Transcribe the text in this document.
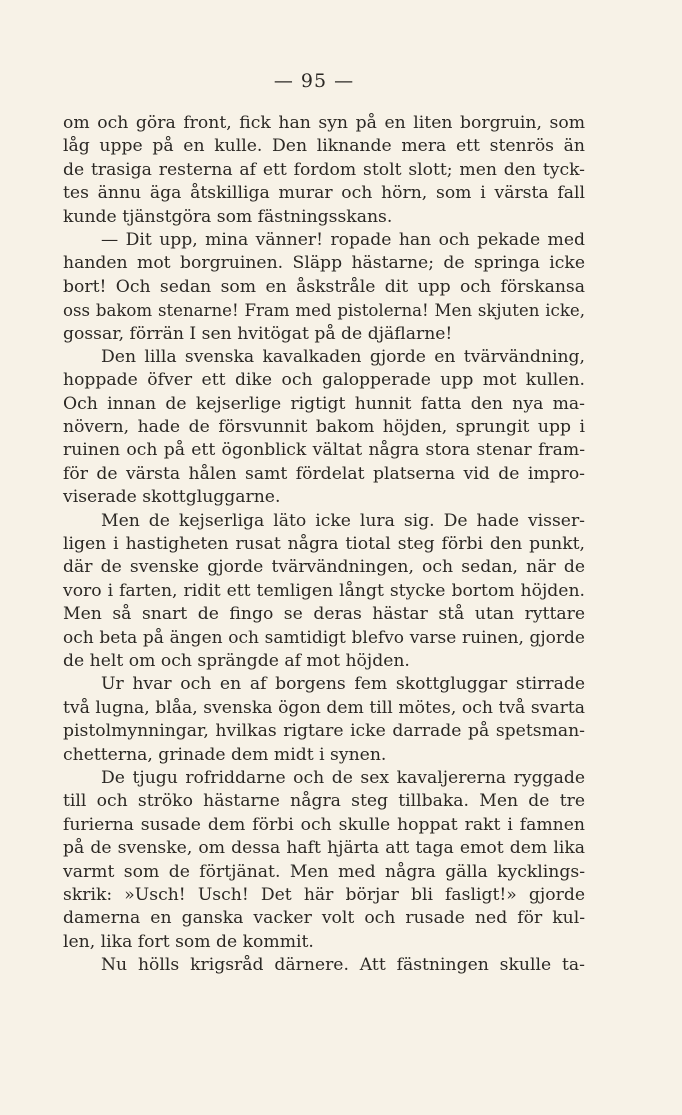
— 95 —
om och göra front, fick han syn på en liten borgruin, som
låg uppe på en kulle. Den liknande mera ett stenrös än
de trasiga resterna af ett fordom stolt slott; men den tyck-
tes ännu äga åtskilliga murar och hörn, som i värsta fall
kunde tjänstgöra som fästningsskans.
— Dit upp, mina vänner! ropade han och pekade med
handen mot borgruinen. Släpp hästarne; de springa icke
bort! Och sedan som en åskstråle dit upp och förskansa
oss bakom stenarne! Fram med pistolerna! Men skjuten icke,
gossar, förrän I sen hvitögat på de djäflarne!
Den lilla svenska kavalkaden gjorde en tvärvändning,
hoppade öfver ett dike och galopperade upp mot kullen.
Och innan de kejserlige rigtigt hunnit fatta den nya ma-
növern, hade de försvunnit bakom höjden, sprungit upp i
ruinen och på ett ögonblick vältat några stora stenar fram-
för de värsta hålen samt fördelat platserna vid de impro-
viserade skottgluggarne.
Men de kejserliga läto icke lura sig. De hade visser-
ligen i hastigheten rusat några tiotal steg förbi den punkt,
där de svenske gjorde tvärvändningen, och sedan, när de
voro i farten, ridit ett temligen långt stycke bortom höjden.
Men så snart de fingo se deras hästar stå utan ryttare
och beta på ängen och samtidigt blefvo varse ruinen, gjorde
de helt om och sprängde af mot höjden.
Ur hvar och en af borgens fem skottgluggar stirrade
två lugna, blåa, svenska ögon dem till mötes, och två svarta
pistolmynningar, hvilkas rigtare icke darrade på spetsman-
chetterna, grinade dem midt i synen.
De tjugu rofriddarne och de sex kavaljererna ryggade
till och ströko hästarne några steg tillbaka. Men de tre
furierna susade dem förbi och skulle hoppat rakt i famnen
på de svenske, om dessa haft hjärta att taga emot dem lika
varmt som de förtjänat. Men med några gälla kycklings-
skrik: »Usch! Usch! Det här börjar bli fasligt!» gjorde
damerna en ganska vacker volt och rusade ned för kul-
len, lika fort som de kommit.
Nu hölls krigsråd därnere. Att fästningen skulle ta-
